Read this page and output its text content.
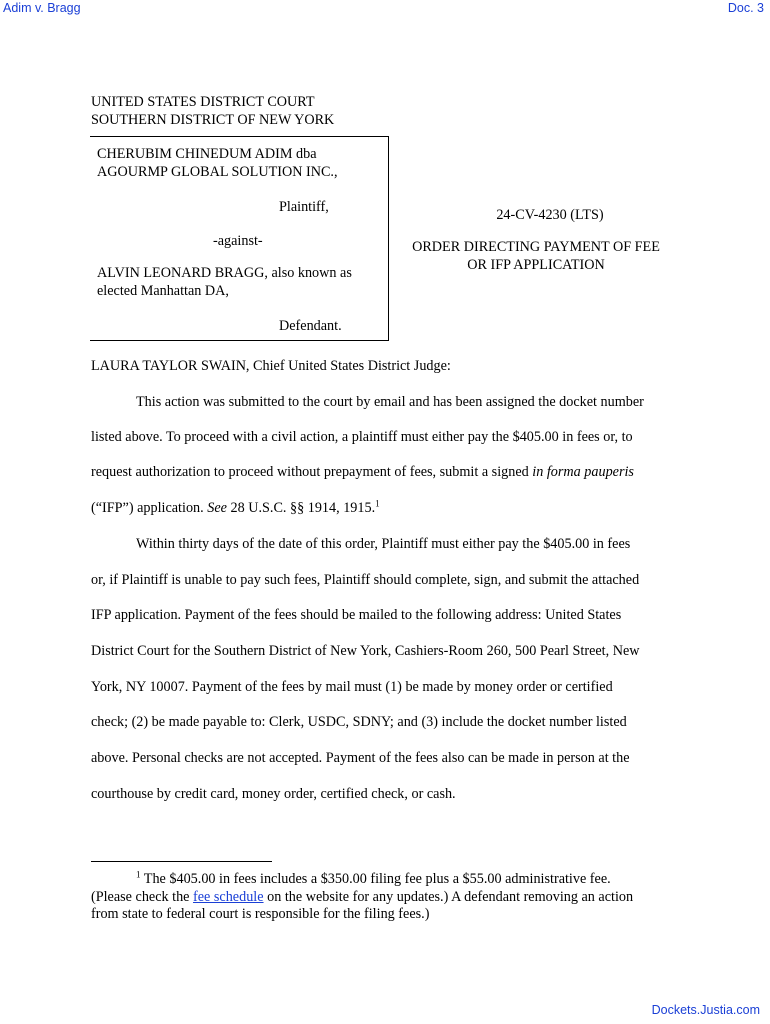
Adim v. Bragg	Doc. 3
UNITED STATES DISTRICT COURT
SOUTHERN DISTRICT OF NEW YORK
CHERUBIM CHINEDUM ADIM dba
AGOURMP GLOBAL SOLUTION INC.,
Plaintiff,
-against-
ALVIN LEONARD BRAGG, also known as
elected Manhattan DA,
Defendant.
24-CV-4230 (LTS)
ORDER DIRECTING PAYMENT OF FEE
OR IFP APPLICATION
LAURA TAYLOR SWAIN, Chief United States District Judge:
This action was submitted to the court by email and has been assigned the docket number
listed above. To proceed with a civil action, a plaintiff must either pay the $405.00 in fees or, to
request authorization to proceed without prepayment of fees, submit a signed in forma pauperis
(“IFP”) application. See 28 U.S.C. §§ 1914, 1915.$^1$
Within thirty days of the date of this order, Plaintiff must either pay the $405.00 in fees
or, if Plaintiff is unable to pay such fees, Plaintiff should complete, sign, and submit the attached
IFP application. Payment of the fees should be mailed to the following address: United States
District Court for the Southern District of New York, Cashiers-Room 260, 500 Pearl Street, New
York, NY 10007. Payment of the fees by mail must (1) be made by money order or certified
check; (2) be made payable to: Clerk, USDC, SDNY; and (3) include the docket number listed
above. Personal checks are not accepted. Payment of the fees also can be made in person at the
courthouse by credit card, money order, certified check, or cash.
$^1$ The $405.00 in fees includes a $350.00 filing fee plus a $55.00 administrative fee.
(Please check the fee schedule on the website for any updates.) A defendant removing an action
from state to federal court is responsible for the filing fees.)
Dockets.Justia.com
